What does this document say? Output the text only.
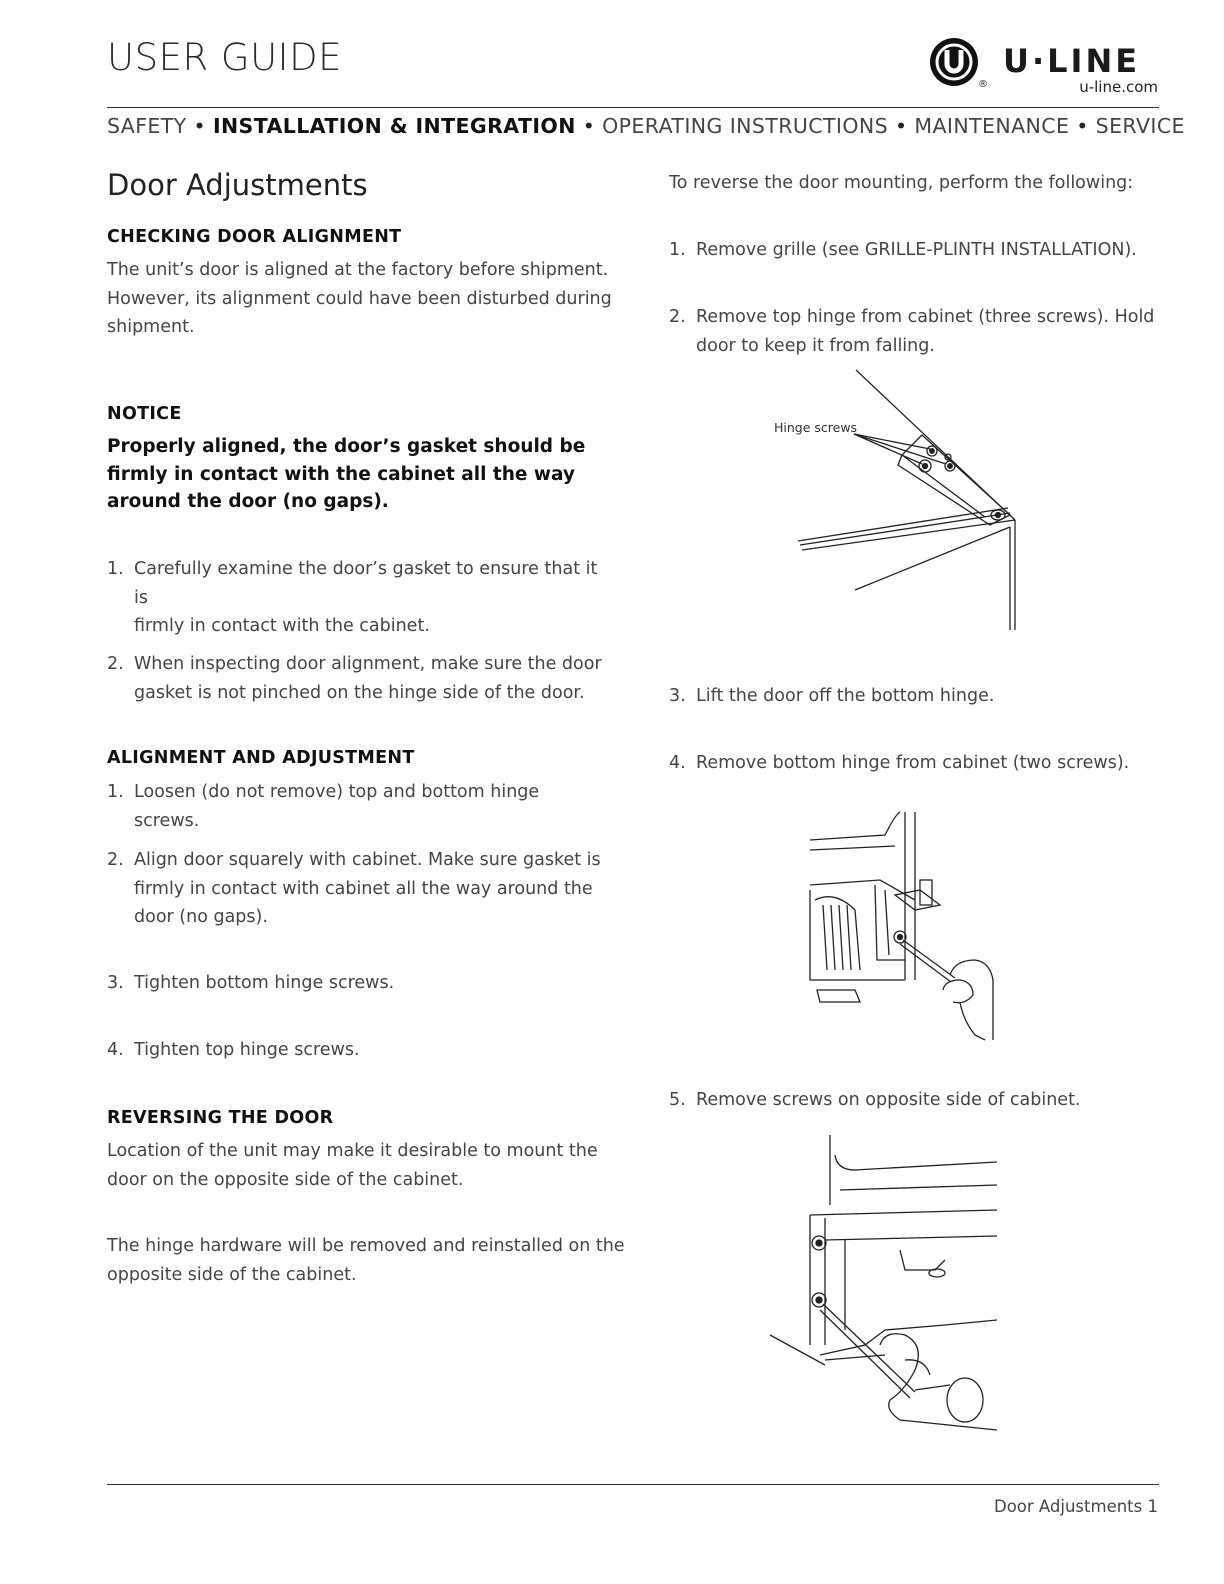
USER GUIDE
®
U·LINE
u-line.com
SAFETY • INSTALLATION & INTEGRATION • OPERATING INSTRUCTIONS • MAINTENANCE • SERVICE
Door Adjustments
CHECKING DOOR ALIGNMENT
The unit’s door is aligned at the factory before shipment.
However, its alignment could have been disturbed during
shipment.
NOTICE
Properly aligned, the door’s gasket should be
firmly in contact with the cabinet all the way
around the door (no gaps).
1. Carefully examine the door’s gasket to ensure that it is
firmly in contact with the cabinet.
2. When inspecting door alignment, make sure the door
gasket is not pinched on the hinge side of the door.
ALIGNMENT AND ADJUSTMENT
1. Loosen (do not remove) top and bottom hinge screws.
2. Align door squarely with cabinet. Make sure gasket is
firmly in contact with cabinet all the way around the
door (no gaps).
3. Tighten bottom hinge screws.
4. Tighten top hinge screws.
REVERSING THE DOOR
Location of the unit may make it desirable to mount the
door on the opposite side of the cabinet.
The hinge hardware will be removed and reinstalled on the
opposite side of the cabinet.
To reverse the door mounting, perform the following:
1. Remove grille (see GRILLE-PLINTH INSTALLATION).
2. Remove top hinge from cabinet (three screws). Hold
door to keep it from falling.
Hinge screws
3. Lift the door off the bottom hinge.
4. Remove bottom hinge from cabinet (two screws).
5. Remove screws on opposite side of cabinet.
Door Adjustments 1
